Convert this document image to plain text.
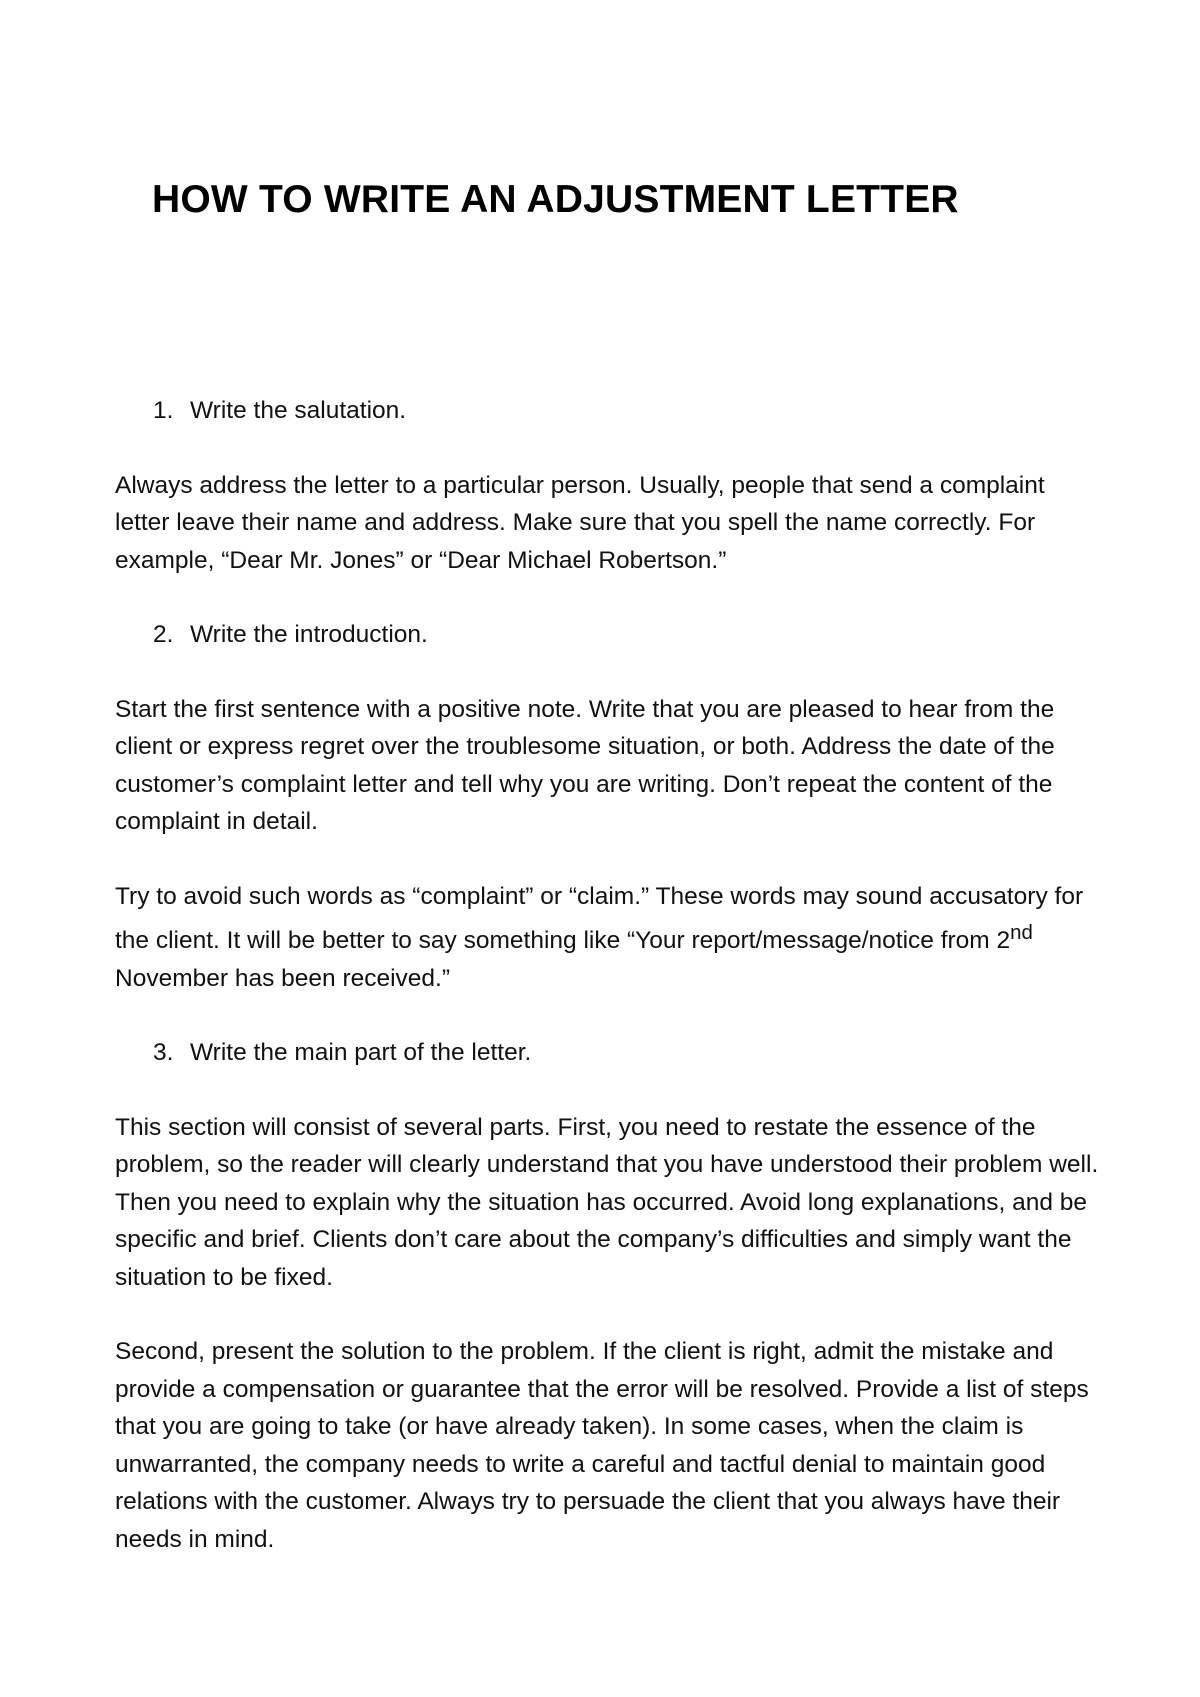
HOW TO WRITE AN ADJUSTMENT LETTER
1. Write the salutation.

Always address the letter to a particular person. Usually, people that send a complaint letter leave their name and address. Make sure that you spell the name correctly. For example, “Dear Mr. Jones” or “Dear Michael Robertson.”

2. Write the introduction.

Start the first sentence with a positive note. Write that you are pleased to hear from the client or express regret over the troublesome situation, or both. Address the date of the customer’s complaint letter and tell why you are writing. Don’t repeat the content of the complaint in detail.

Try to avoid such words as “complaint” or “claim.” These words may sound accusatory for the client. It will be better to say something like “Your report/message/notice from 2nd November has been received.”

3. Write the main part of the letter.

This section will consist of several parts. First, you need to restate the essence of the problem, so the reader will clearly understand that you have understood their problem well. Then you need to explain why the situation has occurred. Avoid long explanations, and be specific and brief. Clients don’t care about the company’s difficulties and simply want the situation to be fixed.

Second, present the solution to the problem. If the client is right, admit the mistake and provide a compensation or guarantee that the error will be resolved. Provide a list of steps that you are going to take (or have already taken). In some cases, when the claim is unwarranted, the company needs to write a careful and tactful denial to maintain good relations with the customer. Always try to persuade the client that you always have their needs in mind.
